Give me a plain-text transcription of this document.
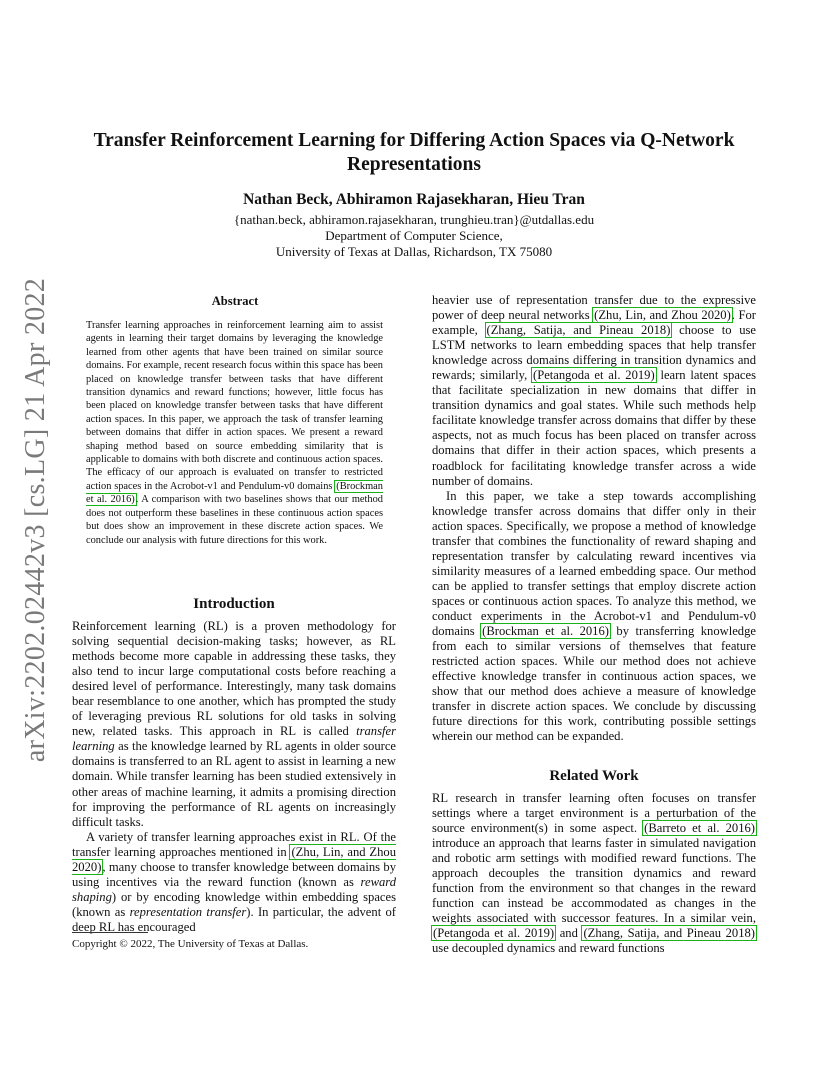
arXiv:2202.02442v3 [cs.LG] 21 Apr 2022
Transfer Reinforcement Learning for Differing Action Spaces via Q-Network Representations
Nathan Beck, Abhiramon Rajasekharan, Hieu Tran
{nathan.beck, abhiramon.rajasekharan, trunghieu.tran}@utdallas.edu
Department of Computer Science,
University of Texas at Dallas, Richardson, TX 75080
Abstract
Transfer learning approaches in reinforcement learning aim to assist agents in learning their target domains by leveraging the knowledge learned from other agents that have been trained on similar source domains. For example, recent research focus within this space has been placed on knowledge transfer between tasks that have different transition dynamics and reward functions; however, little focus has been placed on knowledge transfer between tasks that have different action spaces. In this paper, we approach the task of transfer learning between domains that differ in action spaces. We present a reward shaping method based on source embedding similarity that is applicable to domains with both discrete and continuous action spaces. The efficacy of our approach is evaluated on transfer to restricted action spaces in the Acrobot-v1 and Pendulum-v0 domains (Brockman et al. 2016). A comparison with two baselines shows that our method does not outperform these baselines in these continuous action spaces but does show an improvement in these discrete action spaces. We conclude our analysis with future directions for this work.
Introduction

Reinforcement learning (RL) is a proven methodology for solving sequential decision-making tasks; however, as RL methods become more capable in addressing these tasks, they also tend to incur large computational costs before reaching a desired level of performance. Interestingly, many task domains bear resemblance to one another, which has prompted the study of leveraging previous RL solutions for old tasks in solving new, related tasks. This approach in RL is called transfer learning as the knowledge learned by RL agents in older source domains is transferred to an RL agent to assist in learning a new domain. While transfer learning has been studied extensively in other areas of machine learning, it admits a promising direction for improving the performance of RL agents on increasingly difficult tasks.

A variety of transfer learning approaches exist in RL. Of the transfer learning approaches mentioned in (Zhu, Lin, and Zhou 2020), many choose to transfer knowledge between domains by using incentives via the reward function (known as reward shaping) or by encoding knowledge within embedding spaces (known as representation transfer). In particular, the advent of deep RL has encouraged

Copyright © 2022, The University of Texas at Dallas.

heavier use of representation transfer due to the expressive power of deep neural networks (Zhu, Lin, and Zhou 2020). For example, (Zhang, Satija, and Pineau 2018) choose to use LSTM networks to learn embedding spaces that help transfer knowledge across domains differing in transition dynamics and rewards; similarly, (Petangoda et al. 2019) learn latent spaces that facilitate specialization in new domains that differ in transition dynamics and goal states. While such methods help facilitate knowledge transfer across domains that differ by these aspects, not as much focus has been placed on transfer across domains that differ in their action spaces, which presents a roadblock for facilitating knowledge transfer across a wide number of domains.

In this paper, we take a step towards accomplishing knowledge transfer across domains that differ only in their action spaces. Specifically, we propose a method of knowledge transfer that combines the functionality of reward shaping and representation transfer by calculating reward incentives via similarity measures of a learned embedding space. Our method can be applied to transfer settings that employ discrete action spaces or continuous action spaces. To analyze this method, we conduct experiments in the Acrobot-v1 and Pendulum-v0 domains (Brockman et al. 2016) by transferring knowledge from each to similar versions of themselves that feature restricted action spaces. While our method does not achieve effective knowledge transfer in continuous action spaces, we show that our method does achieve a measure of knowledge transfer in discrete action spaces. We conclude by discussing future directions for this work, contributing possible settings wherein our method can be expanded.

Related Work

RL research in transfer learning often focuses on transfer settings where a target environment is a perturbation of the source environment(s) in some aspect. (Barreto et al. 2016) introduce an approach that learns faster in simulated navigation and robotic arm settings with modified reward functions. The approach decouples the transition dynamics and reward function from the environment so that changes in the reward function can instead be accommodated as changes in the weights associated with successor features. In a similar vein, (Petangoda et al. 2019) and (Zhang, Satija, and Pineau 2018) use decoupled dynamics and reward functions
